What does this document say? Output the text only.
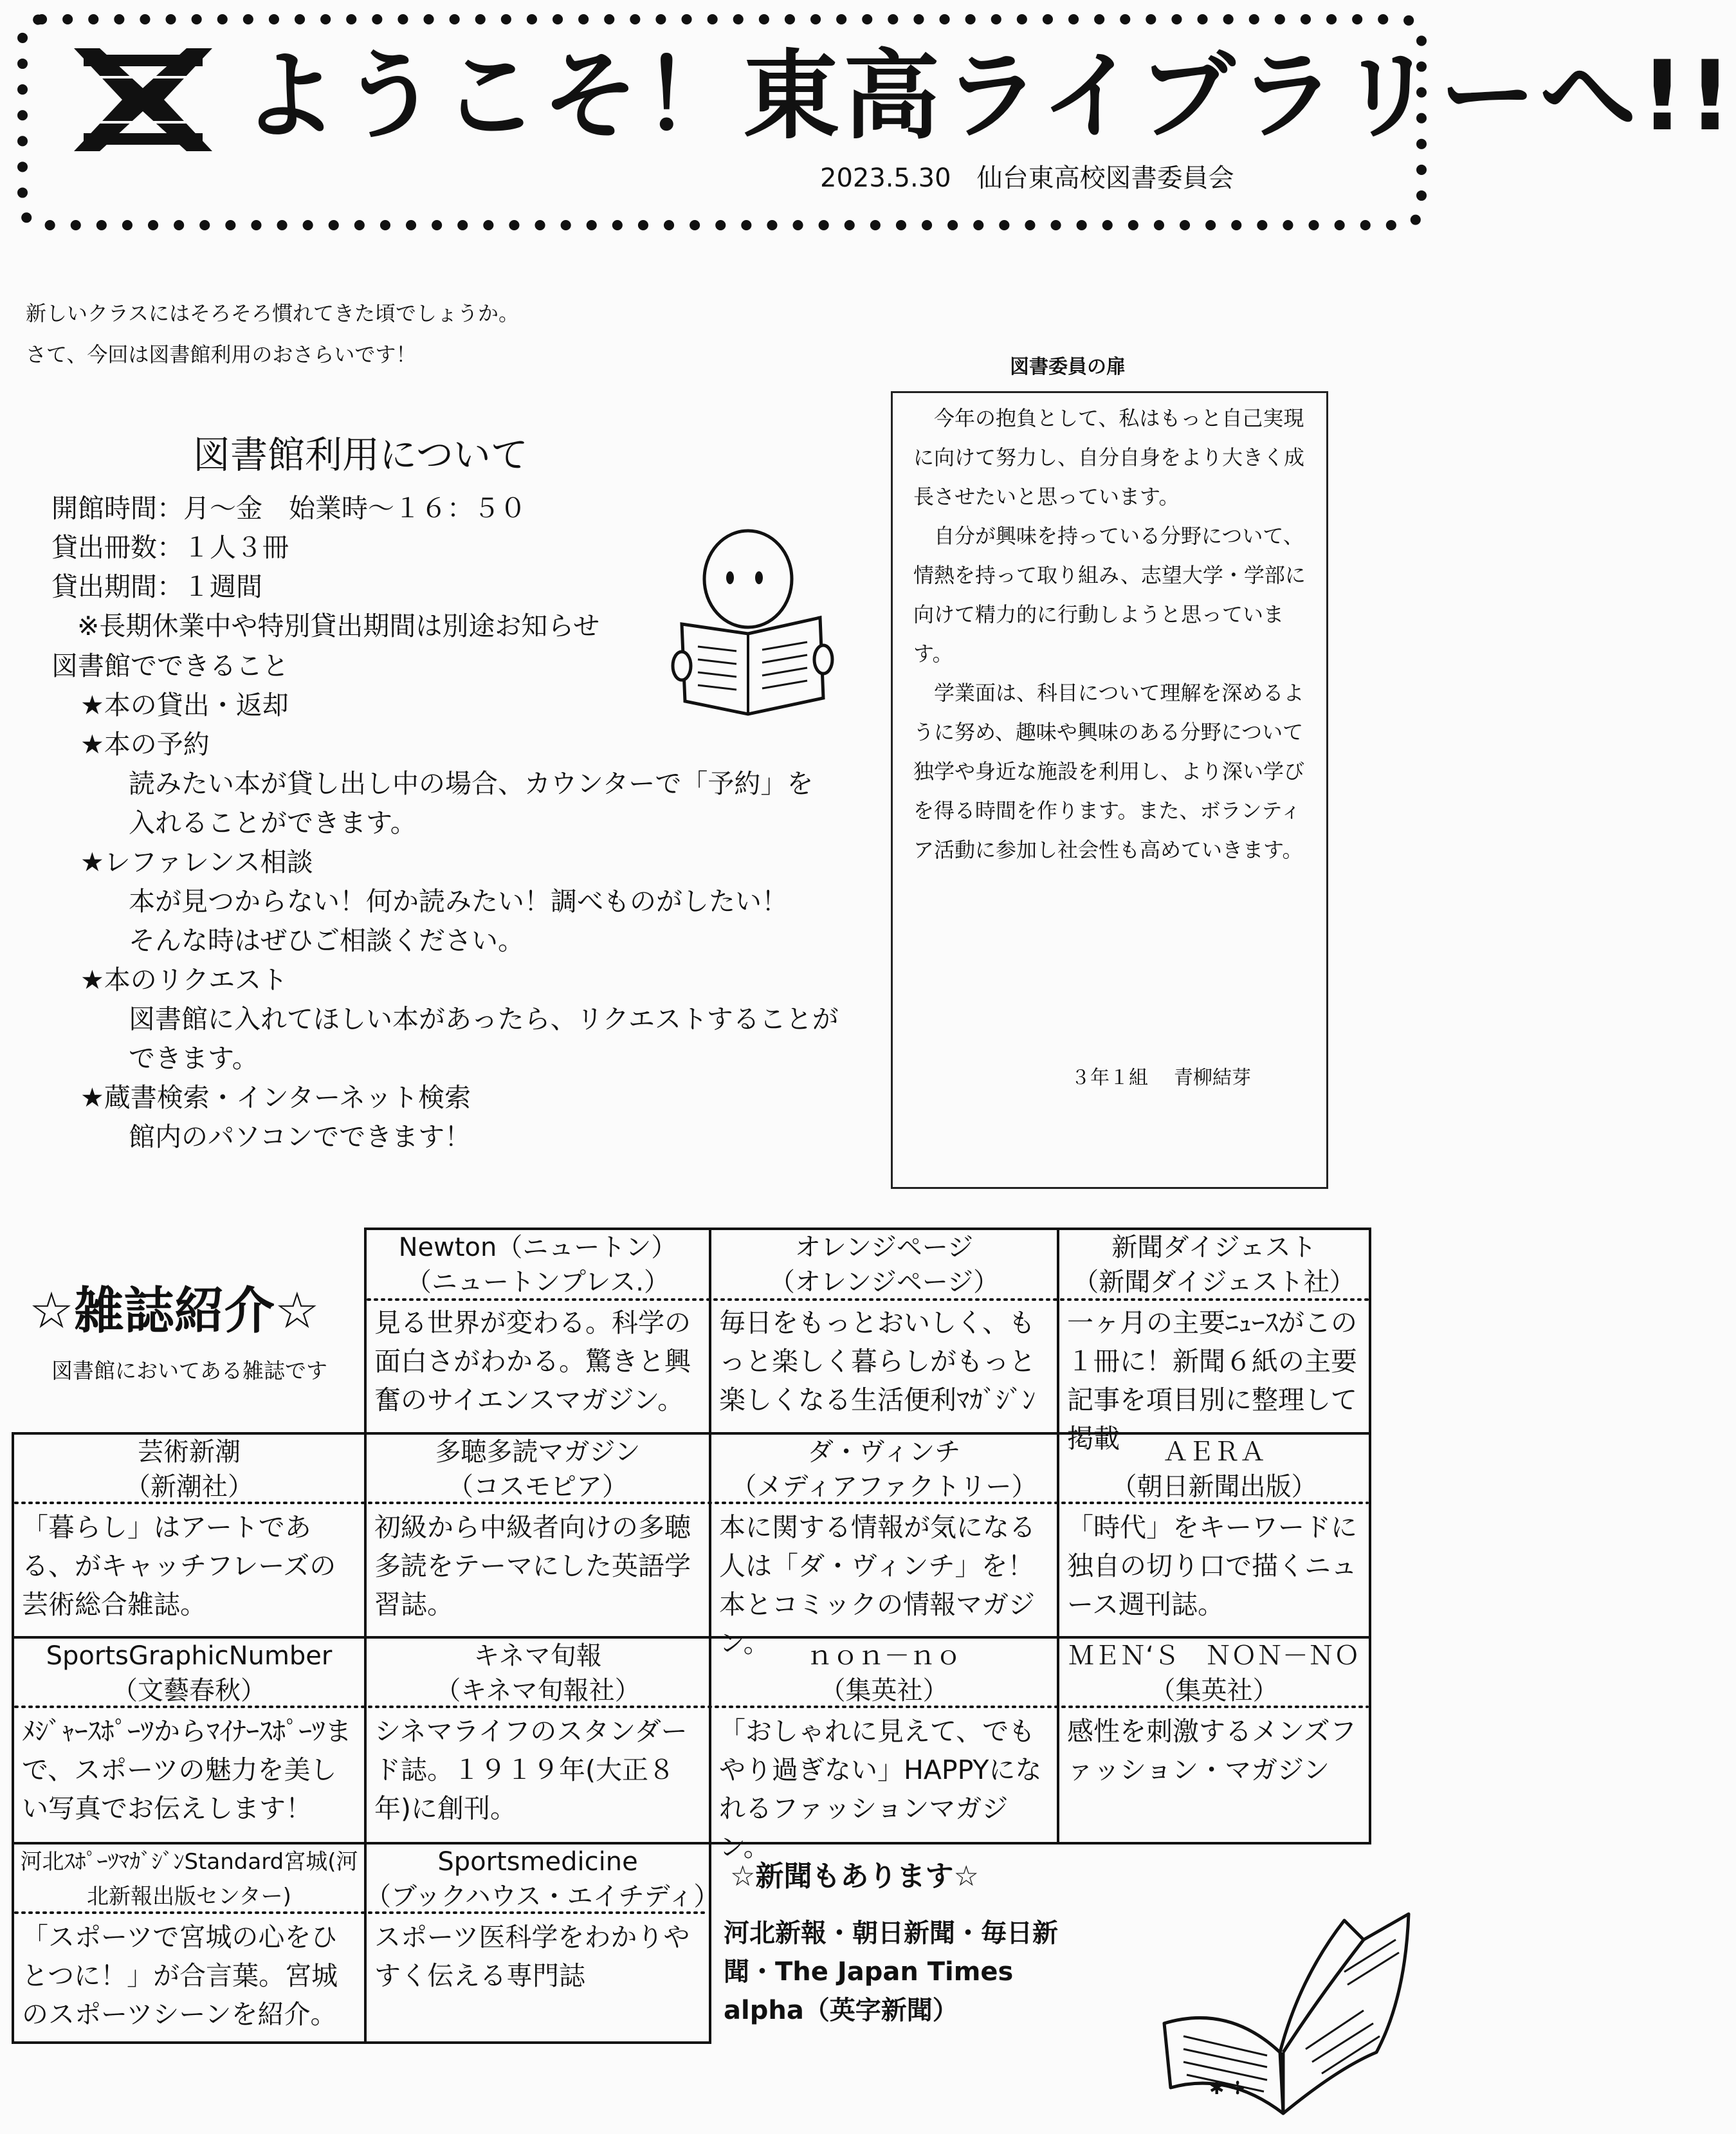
ようこそ！東高ライブラリーへ!!
2023.5.30 仙台東高校図書委員会
新しいクラスにはそろそろ慣れてきた頃でしょうか。
さて、今回は図書館利用のおさらいです！
図書館利用について
開館時間：月～金　始業時～１６：５０
貸出冊数：１人３冊
貸出期間：１週間
※長期休業中や特別貸出期間は別途お知らせ
図書館でできること
★本の貸出・返却
★本の予約
読みたい本が貸し出し中の場合、カウンターで「予約」を
入れることができます。
★レファレンス相談
本が見つからない！何か読みたい！調べものがしたい！
そんな時はぜひご相談ください。
★本のリクエスト
図書館に入れてほしい本があったら、リクエストすることが
できます。
★蔵書検索・インターネット検索
館内のパソコンでできます！
図書委員の扉

今年の抱負として、私はもっと自己実現に向けて努力し、自分自身をより大きく成長させたいと思っています。

自分が興味を持っている分野について、情熱を持って取り組み、志望大学・学部に向けて精力的に行動しようと思っています。

学業面は、科目について理解を深めるように努め、趣味や興味のある分野について独学や身近な施設を利用し、より深い学びを得る時間を作ります。また、ボランティア活動に参加し社会性も高めていきます。

３年１組 青柳結芽
☆雑誌紹介☆
図書館においてある雑誌です
Newton（ニュートン）
（ニュートンプレス.）
見る世界が変わる。科学の面白さがわかる。驚きと興奮のサイエンスマガジン。
オレンジページ
（オレンジページ）
毎日をもっとおいしく、もっと楽しく暮らしがもっと楽しくなる生活便利ﾏｶﾞｼﾞﾝ
新聞ダイジェスト
（新聞ダイジェスト社）
一ヶ月の主要ﾆｭｰｽがこの１冊に！新聞６紙の主要記事を項目別に整理して掲載
芸術新潮
（新潮社）
「暮らし」はアートである、がキャッチフレーズの芸術総合雑誌。
多聴多読マガジン
（コスモピア）
初級から中級者向けの多聴多読をテーマにした英語学習誌。
ダ・ヴィンチ
（メディアファクトリー）
本に関する情報が気になる人は「ダ・ヴィンチ」を！本とコミックの情報マガジン。
ＡＥＲＡ
（朝日新聞出版）
「時代」をキーワードに独自の切り口で描くニュース週刊誌。
SportsGraphicNumber
（文藝春秋）
ﾒｼﾞｬｰｽﾎﾟｰﾂからﾏｲﾅｰｽﾎﾟｰﾂまで、スポーツの魅力を美しい写真でお伝えします！
キネマ旬報
（キネマ旬報社）
シネマライフのスタンダード誌。１９１９年(大正８年)に創刊。
ｎｏｎ－ｎｏ
（集英社）
「おしゃれに見えて、でもやり過ぎない」HAPPYになれるファッションマガジン。
ＭＥＮ‘Ｓ　ＮＯＮ－ＮＯ
（集英社）
感性を刺激するメンズファッション・マガジン
河北ｽﾎﾟｰﾂﾏｶﾞｼﾞﾝStandard宮城(河
北新報出版センター)
「スポーツで宮城の心をひとつに！」が合言葉。宮城のスポーツシーンを紹介。
Sportsmedicine
（ブックハウス・エイチディ）
スポーツ医科学をわかりやすく伝える専門誌
☆新聞もあります☆
河北新報・朝日新聞・毎日新聞・The Japan Times alpha（英字新聞）
✱ ✢
